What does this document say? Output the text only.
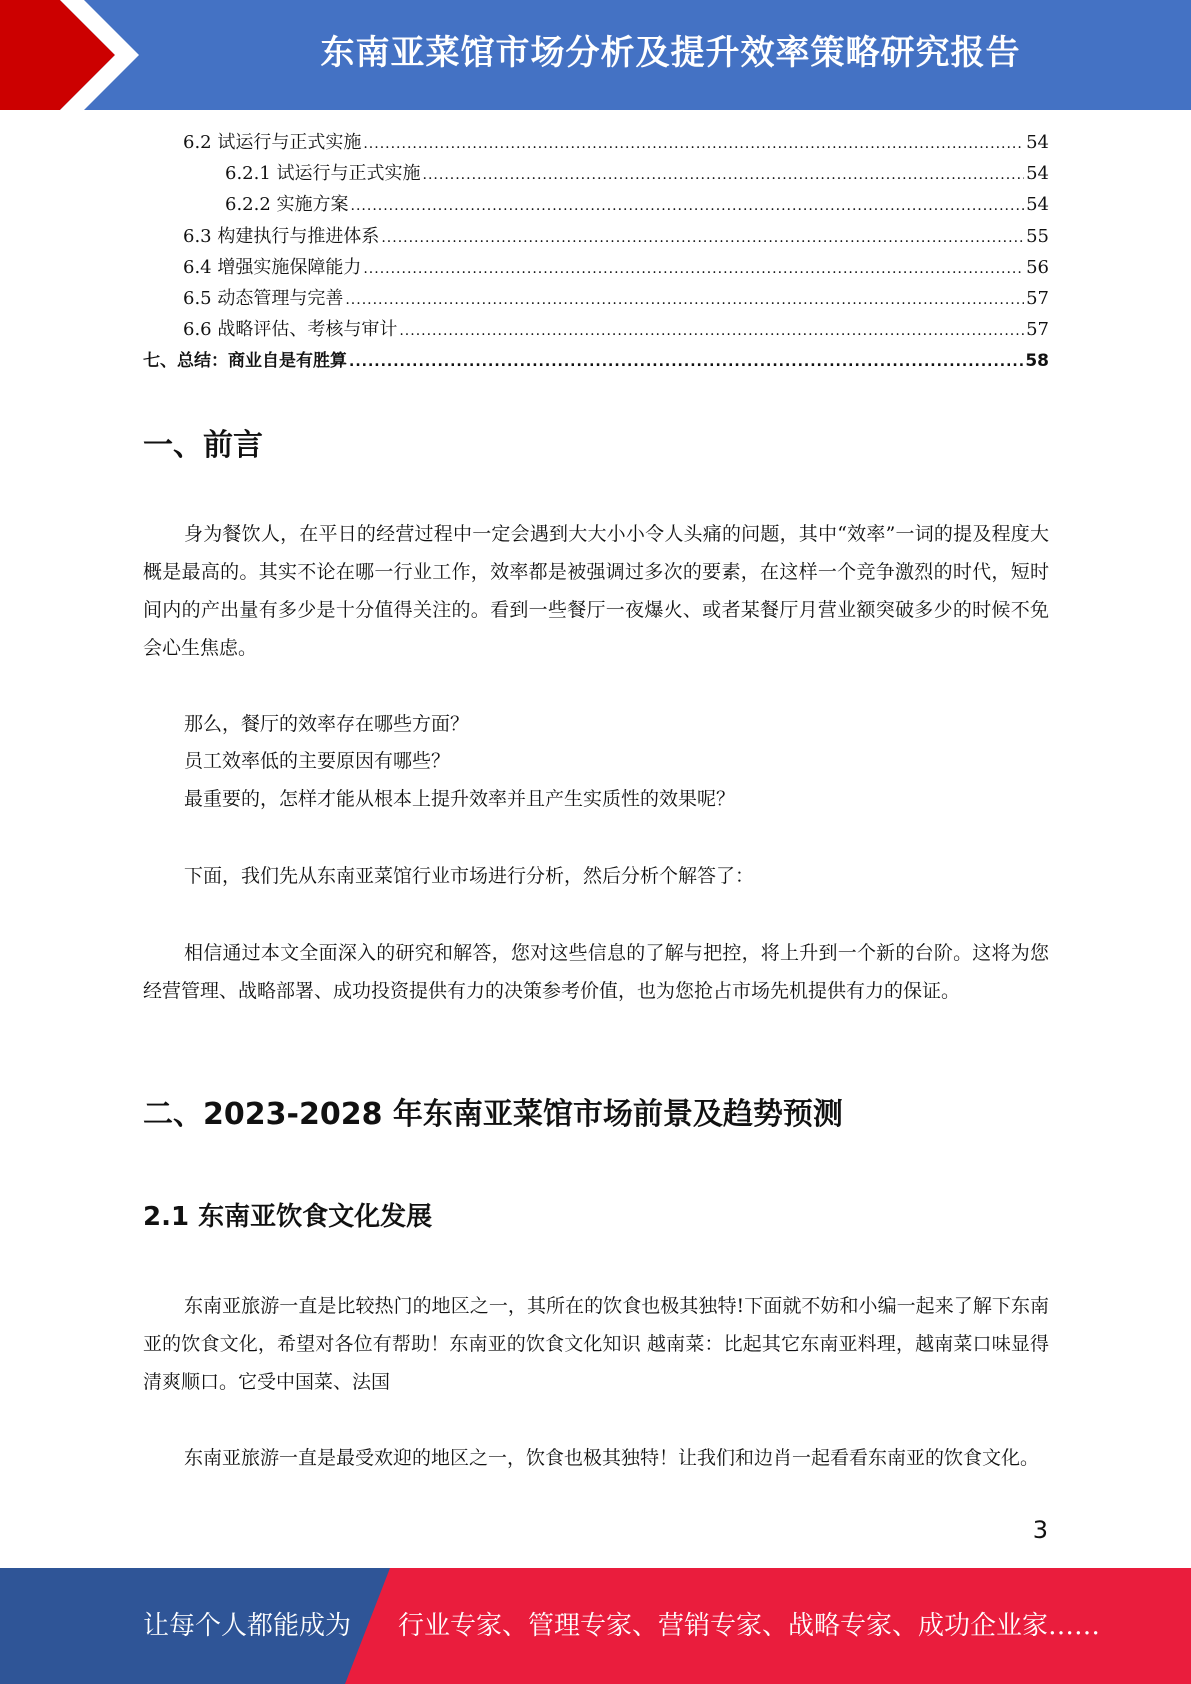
东南亚菜馆市场分析及提升效率策略研究报告
6.2 试运行与正式实施 .....	54
6.2.1 试运行与正式实施 .....	54
6.2.2 实施方案 .....	54
6.3 构建执行与推进体系 .....	55
6.4 增强实施保障能力 .....	56
6.5 动态管理与完善 .....	57
6.6 战略评估、考核与审计 .....	57
七、总结：商业自是有胜算 .....	58
一、前言

身为餐饮人，在平日的经营过程中一定会遇到大大小小令人头痛的问题，其中“效率”一词的提及程度大概是最高的。其实不论在哪一行业工作，效率都是被强调过多次的要素，在这样一个竞争激烈的时代，短时间内的产出量有多少是十分值得关注的。看到一些餐厅一夜爆火、或者某餐厅月营业额突破多少的时候不免会心生焦虑。

那么，餐厅的效率存在哪些方面？

员工效率低的主要原因有哪些？

最重要的，怎样才能从根本上提升效率并且产生实质性的效果呢？

下面，我们先从东南亚菜馆行业市场进行分析，然后分析个解答了：

相信通过本文全面深入的研究和解答，您对这些信息的了解与把控，将上升到一个新的台阶。这将为您经营管理、战略部署、成功投资提供有力的决策参考价值，也为您抢占市场先机提供有力的保证。

二、2023-2028 年东南亚菜馆市场前景及趋势预测
2.1 东南亚饮食文化发展

东南亚旅游一直是比较热门的地区之一，其所在的饮食也极其独特!下面就不妨和小编一起来了解下东南亚的饮食文化，希望对各位有帮助！东南亚的饮食文化知识 越南菜：比起其它东南亚料理，越南菜口味显得清爽顺口。它受中国菜、法国

东南亚旅游一直是最受欢迎的地区之一，饮食也极其独特！让我们和边肖一起看看东南亚的饮食文化。

3
让每个人都能成为 行业专家、管理专家、营销专家、战略专家、成功企业家……
